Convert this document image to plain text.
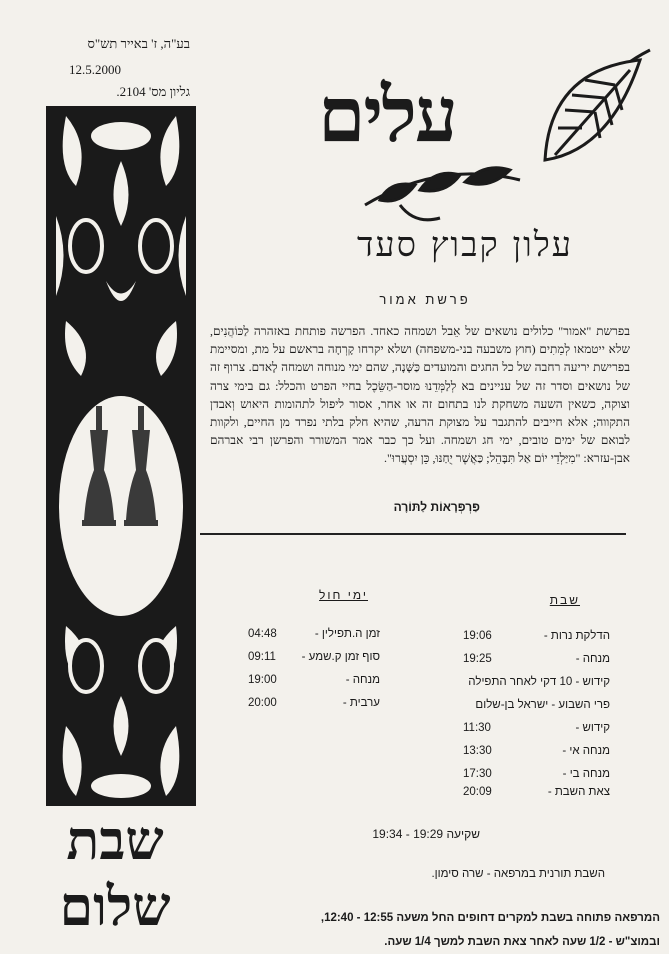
בע"ה, ז' באייר תש"ס
12.5.2000
גליון מס' 2104. עלים
עלון קבוץ סעד
פרשת אמור
בפרשת "אמור" כלולים נושאים של אֵבל ושמחה כאחד. הפרשה פותחת באזהרה לַכּוֹהֲנִים, שלא ייטמאו לְמֵתִים (חוץ משבעה בני-משפחה) ושלא יקרחו קָרְחָה בראשם על מת, ומסיימת בפרישת יריעה רחבה של כל החגים והמועדים כַּשָּׁנָה, שהם ימי מנוחה ושמחה לָאדם. צרוף זה של נושאים וסדר זה של עניינים בא לְלַמְּדֵנוּ מוסר-הַשֵּׂכֶל בחיי הפרט והכלל: גם בימי צרה וצוקה, כשאין השעה משחקת לנו בתחום זה או אחר, אסור ליפול לתהומות היאוש וְאבדן התקווה; אלא חייבים להתגבר על מצוקת הרעה, שהיא חלק בלתי נפרד מן החיים, ולקוות לבואם של ימים טובים, ימי חג ושמחה. ועל כך כבר אמר המשורר והפרשן רבי אברהם אבן-עזרא: "מִיַּלְדֵי יוֹם אַל תִּבָּהֵל; כַּאֲשֶׁר יֻחַנּוּ, כֵּן יִסְעֲרוּ".
פַּרְפְּרָאוֹת לַתּוֹרָה
שבת
הדלקת נרות -
19:06
מנחה -
19:25
קידוש - 10 דקי לאחר התפילה
פרי השבוע - ישראל בן-שלום
קידוש -
11:30
מנחה אי -
13:30
מנחה בי -
17:30
צאת השבת -
20:09
ימי חול
זמן ה.תפילין -
04:48
סוף זמן ק.שמע -
09:11
מנחה -
19:00
ערבית -
20:00
שקיעה 19:29 - 19:34
השבת תורנית במרפאה - שרה סימון.
המרפאה פתוחה בשבת למקרים דחופים החל משעה 12:55 - 12:40,
ובמוצ"ש - 1/2 שעה לאחר צאת השבת למשך 1/4 שעה.
שבת
שלום
